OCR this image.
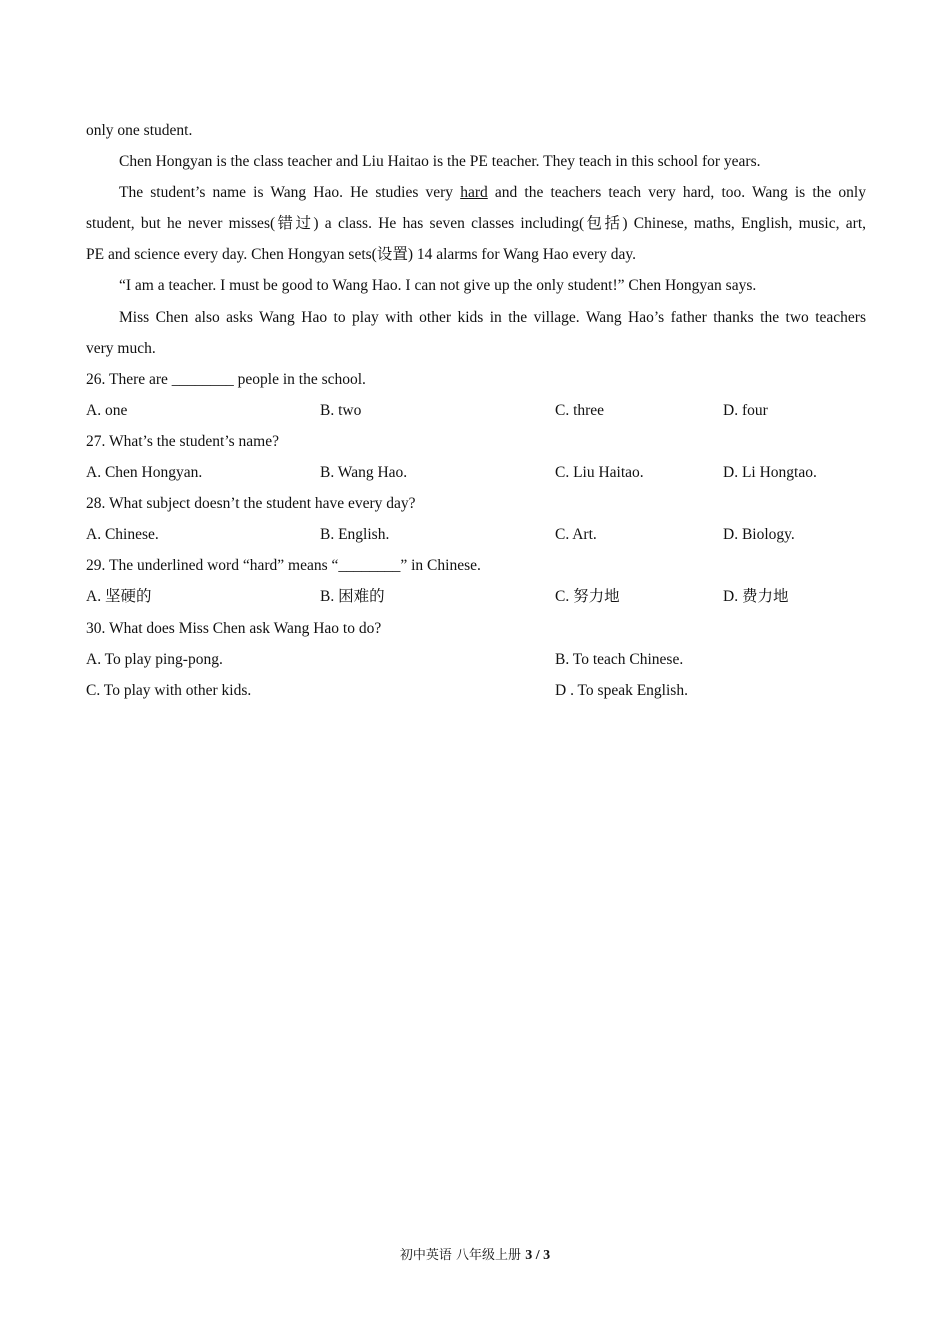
only one student.
Chen Hongyan is the class teacher and Liu Haitao is the PE teacher. They teach in this school for years.
The student’s name is Wang Hao. He studies very hard and the teachers teach very hard, too. Wang is the only
student, but he never misses(错过) a class. He has seven classes including(包括) Chinese, maths, English, music, art,
PE and science every day. Chen Hongyan sets(设置) 14 alarms for Wang Hao every day.
“I am a teacher. I must be good to Wang Hao. I can not give up the only student!” Chen Hongyan says.
Miss Chen also asks Wang Hao to play with other kids in the village. Wang Hao’s father thanks the two teachers
very much.
26. There are ________ people in the school.
A. one	B. two	C. three	D. four
27. What’s the student’s name?
A. Chen Hongyan.	B. Wang Hao.	C. Liu Haitao.	D. Li Hongtao.
28. What subject doesn’t the student have every day?
A. Chinese.	B. English.	C. Art.	D. Biology.
29. The underlined word “hard” means “________” in Chinese.
A. 坚硬的	B. 困难的	C. 努力地	D. 费力地
30. What does Miss Chen ask Wang Hao to do?
A. To play ping-pong.	B. To teach Chinese.
C. To play with other kids.	D . To speak English.
初中英语 八年级上册 3 / 3
